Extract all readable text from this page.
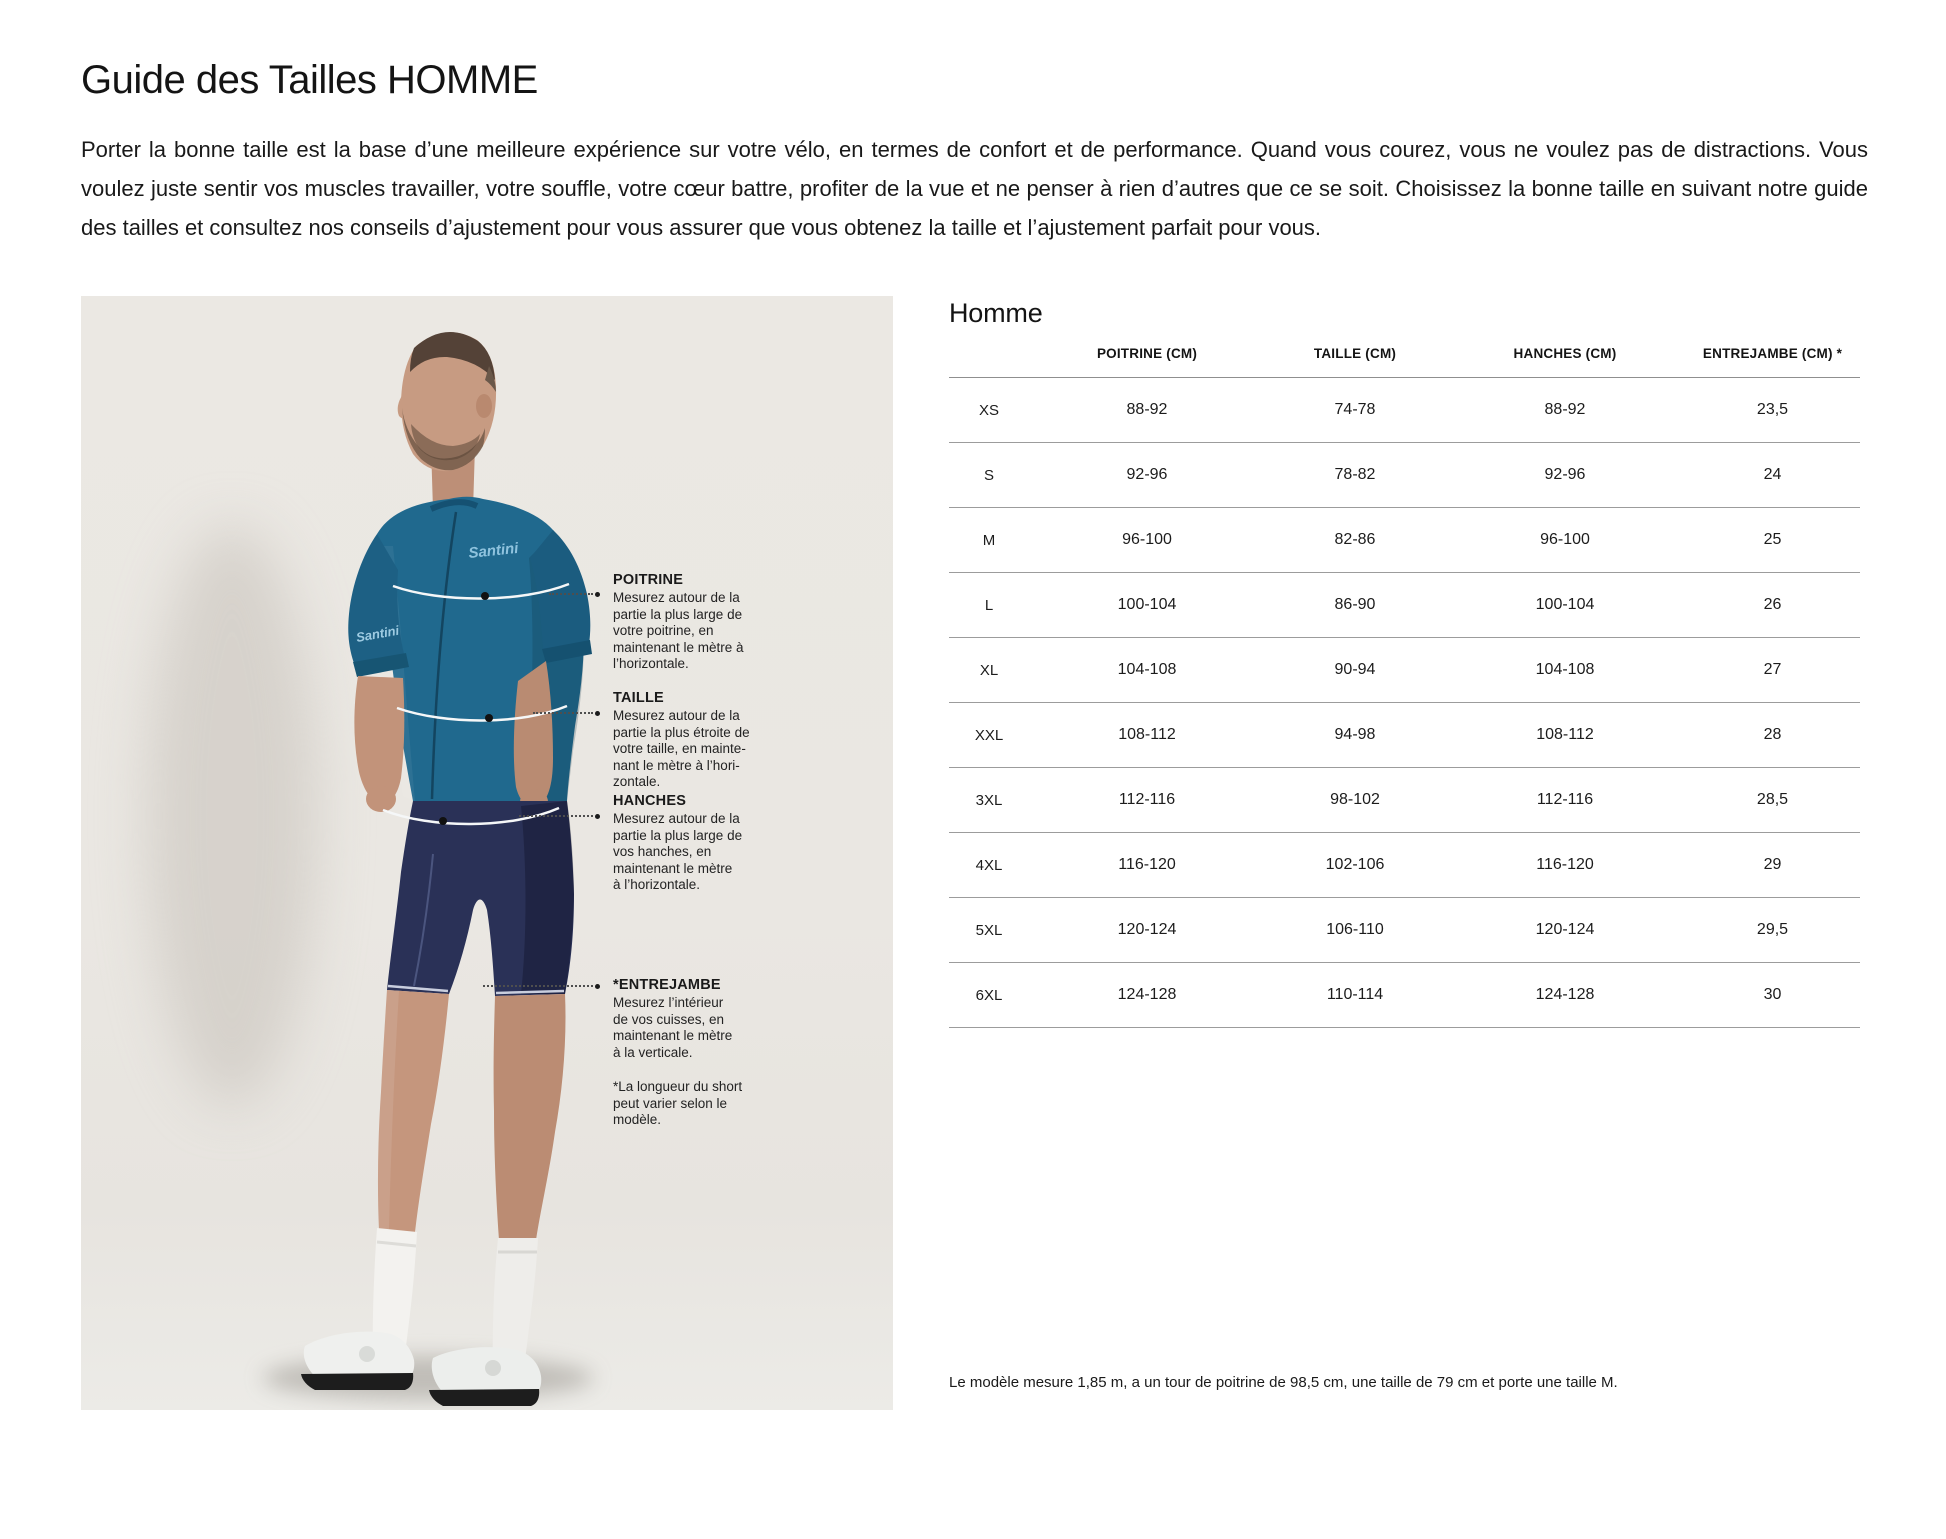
Guide des Tailles HOMME

Porter la bonne taille est la base d’une meilleure expérience sur votre vélo, en termes de confort et de performance. Quand vous courez, vous ne voulez pas de distractions. Vous voulez juste sentir vos muscles travailler, votre souffle, votre cœur battre, profiter de la vue et ne penser à rien d’autres que ce se soit. Choisissez la bonne taille en suivant notre guide des tailles et consultez nos conseils d’ajustement pour vous assurer que vous obtenez la taille et l’ajustement parfait pour vous.

Santini
Santini
POITRINE

Mesurez autour de la
partie la plus large de
votre poitrine, en
maintenant le mètre à
l’horizontale.

TAILLE

Mesurez autour de la
partie la plus étroite de
votre taille, en mainte-
nant le mètre à l’hori-
zontale.

HANCHES

Mesurez autour de la
partie la plus large de
vos hanches, en
maintenant le mètre
à l’horizontale.

*ENTREJAMBE

Mesurez l’intérieur
de vos cuisses, en
maintenant le mètre
à la verticale.

*La longueur du short
peut varier selon le
modèle.

Homme
POITRINE (CM)	TAILLE (CM)	HANCHES (CM)	ENTREJAMBE (CM) *
XS	88-92	74-78	88-92	23,5
S	92-96	78-82	92-96	24
M	96-100	82-86	96-100	25
L	100-104	86-90	100-104	26
XL	104-108	90-94	104-108	27
XXL	108-112	94-98	108-112	28
3XL	112-116	98-102	112-116	28,5
4XL	116-120	102-106	116-120	29
5XL	120-124	106-110	120-124	29,5
6XL	124-128	110-114	124-128	30

Le modèle mesure 1,85 m, a un tour de poitrine de 98,5 cm, une taille de 79 cm et porte une taille M.
